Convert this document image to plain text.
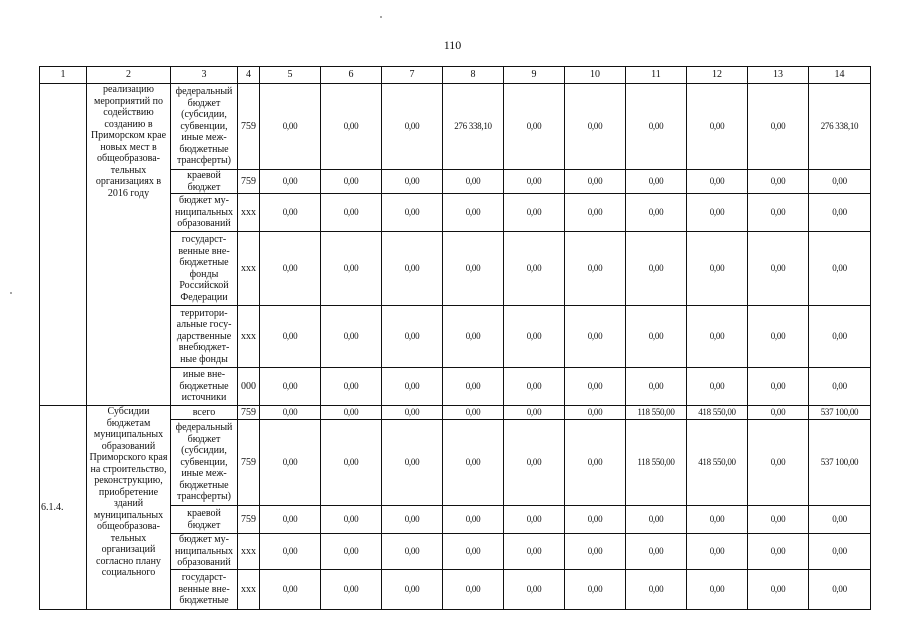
110
1	2	3	4	5	6	7	8	9	10	11	12	13	14
	реализацию мероприятий по содействию созданию в Приморском крае новых мест в общеобразова-тельных организациях в 2016 году	федеральный бюджет (субсидии, субвенции, иные меж-бюджетные трансферты)	759	0,00	0,00	0,00	276 338,10	0,00	0,00	0,00	0,00	0,00	276 338,10
		краевой бюджет	759	0,00	0,00	0,00	0,00	0,00	0,00	0,00	0,00	0,00	0,00
		бюджет му-ниципальных образований	xxx	0,00	0,00	0,00	0,00	0,00	0,00	0,00	0,00	0,00	0,00
		государст-венные вне-бюджетные фонды Российской Федерации	xxx	0,00	0,00	0,00	0,00	0,00	0,00	0,00	0,00	0,00	0,00
		территори-альные госу-дарственные внебюджет-ные фонды	xxx	0,00	0,00	0,00	0,00	0,00	0,00	0,00	0,00	0,00	0,00
		иные вне-бюджетные источники	000	0,00	0,00	0,00	0,00	0,00	0,00	0,00	0,00	0,00	0,00
6.1.4.	Субсидии бюджетам муниципальных образований Приморского края на строительство, реконструкцию, приобретение зданий муниципальных общеобразова-тельных организаций согласно плану социального	всего	759	0,00	0,00	0,00	0,00	0,00	0,00	118 550,00	418 550,00	0,00	537 100,00
		федеральный бюджет (субсидии, субвенции, иные меж-бюджетные трансферты)	759	0,00	0,00	0,00	0,00	0,00	0,00	118 550,00	418 550,00	0,00	537 100,00
		краевой бюджет	759	0,00	0,00	0,00	0,00	0,00	0,00	0,00	0,00	0,00	0,00
		бюджет му-ниципальных образований	xxx	0,00	0,00	0,00	0,00	0,00	0,00	0,00	0,00	0,00	0,00
		государст-венные вне-бюджетные	xxx	0,00	0,00	0,00	0,00	0,00	0,00	0,00	0,00	0,00	0,00
